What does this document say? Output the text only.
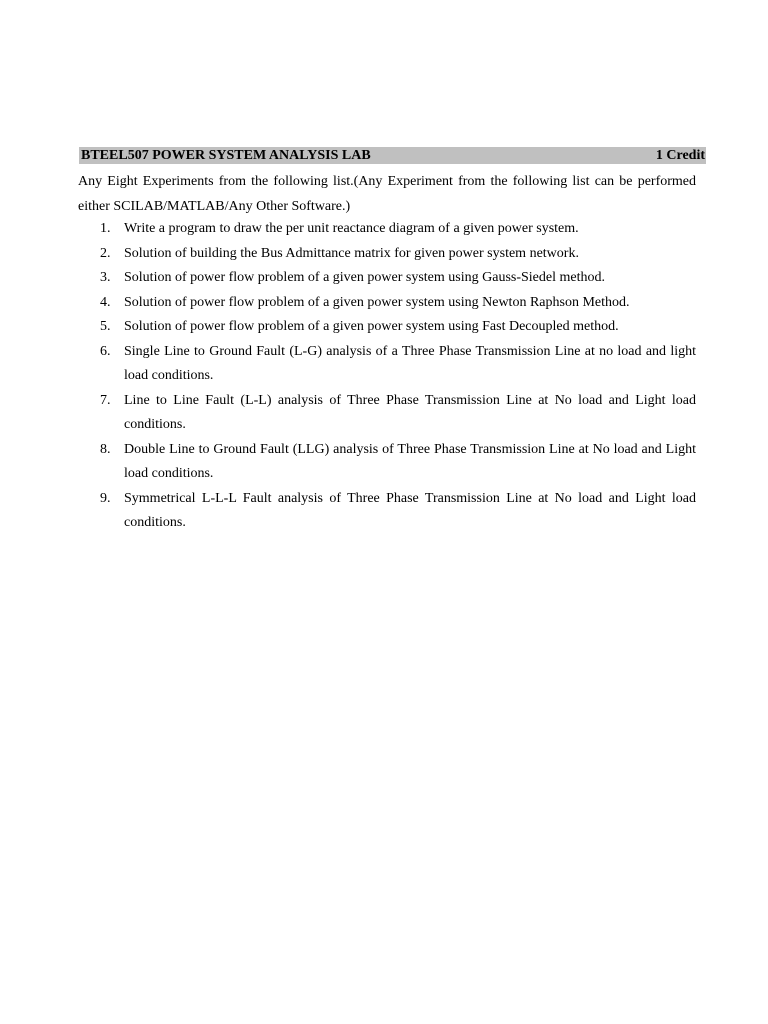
BTEEL507 POWER SYSTEM ANALYSIS LAB	1 Credit

Any Eight Experiments from the following list.(Any Experiment from the following list can be performed either SCILAB/MATLAB/Any Other Software.)

1. Write a program to draw the per unit reactance diagram of a given power system.
2. Solution of building the Bus Admittance matrix for given power system network.
3. Solution of power flow problem of a given power system using Gauss-Siedel method.
4. Solution of power flow problem of a given power system using Newton Raphson Method.
5. Solution of power flow problem of a given power system using Fast Decoupled method.
6. Single Line to Ground Fault (L-G) analysis of a Three Phase Transmission Line at no load and light load conditions.
7. Line to Line Fault (L-L) analysis of Three Phase Transmission Line at No load and Light load conditions.
8. Double Line to Ground Fault (LLG) analysis of Three Phase Transmission Line at No load and Light load conditions.
9. Symmetrical L-L-L Fault analysis of Three Phase Transmission Line at No load and Light load conditions.
